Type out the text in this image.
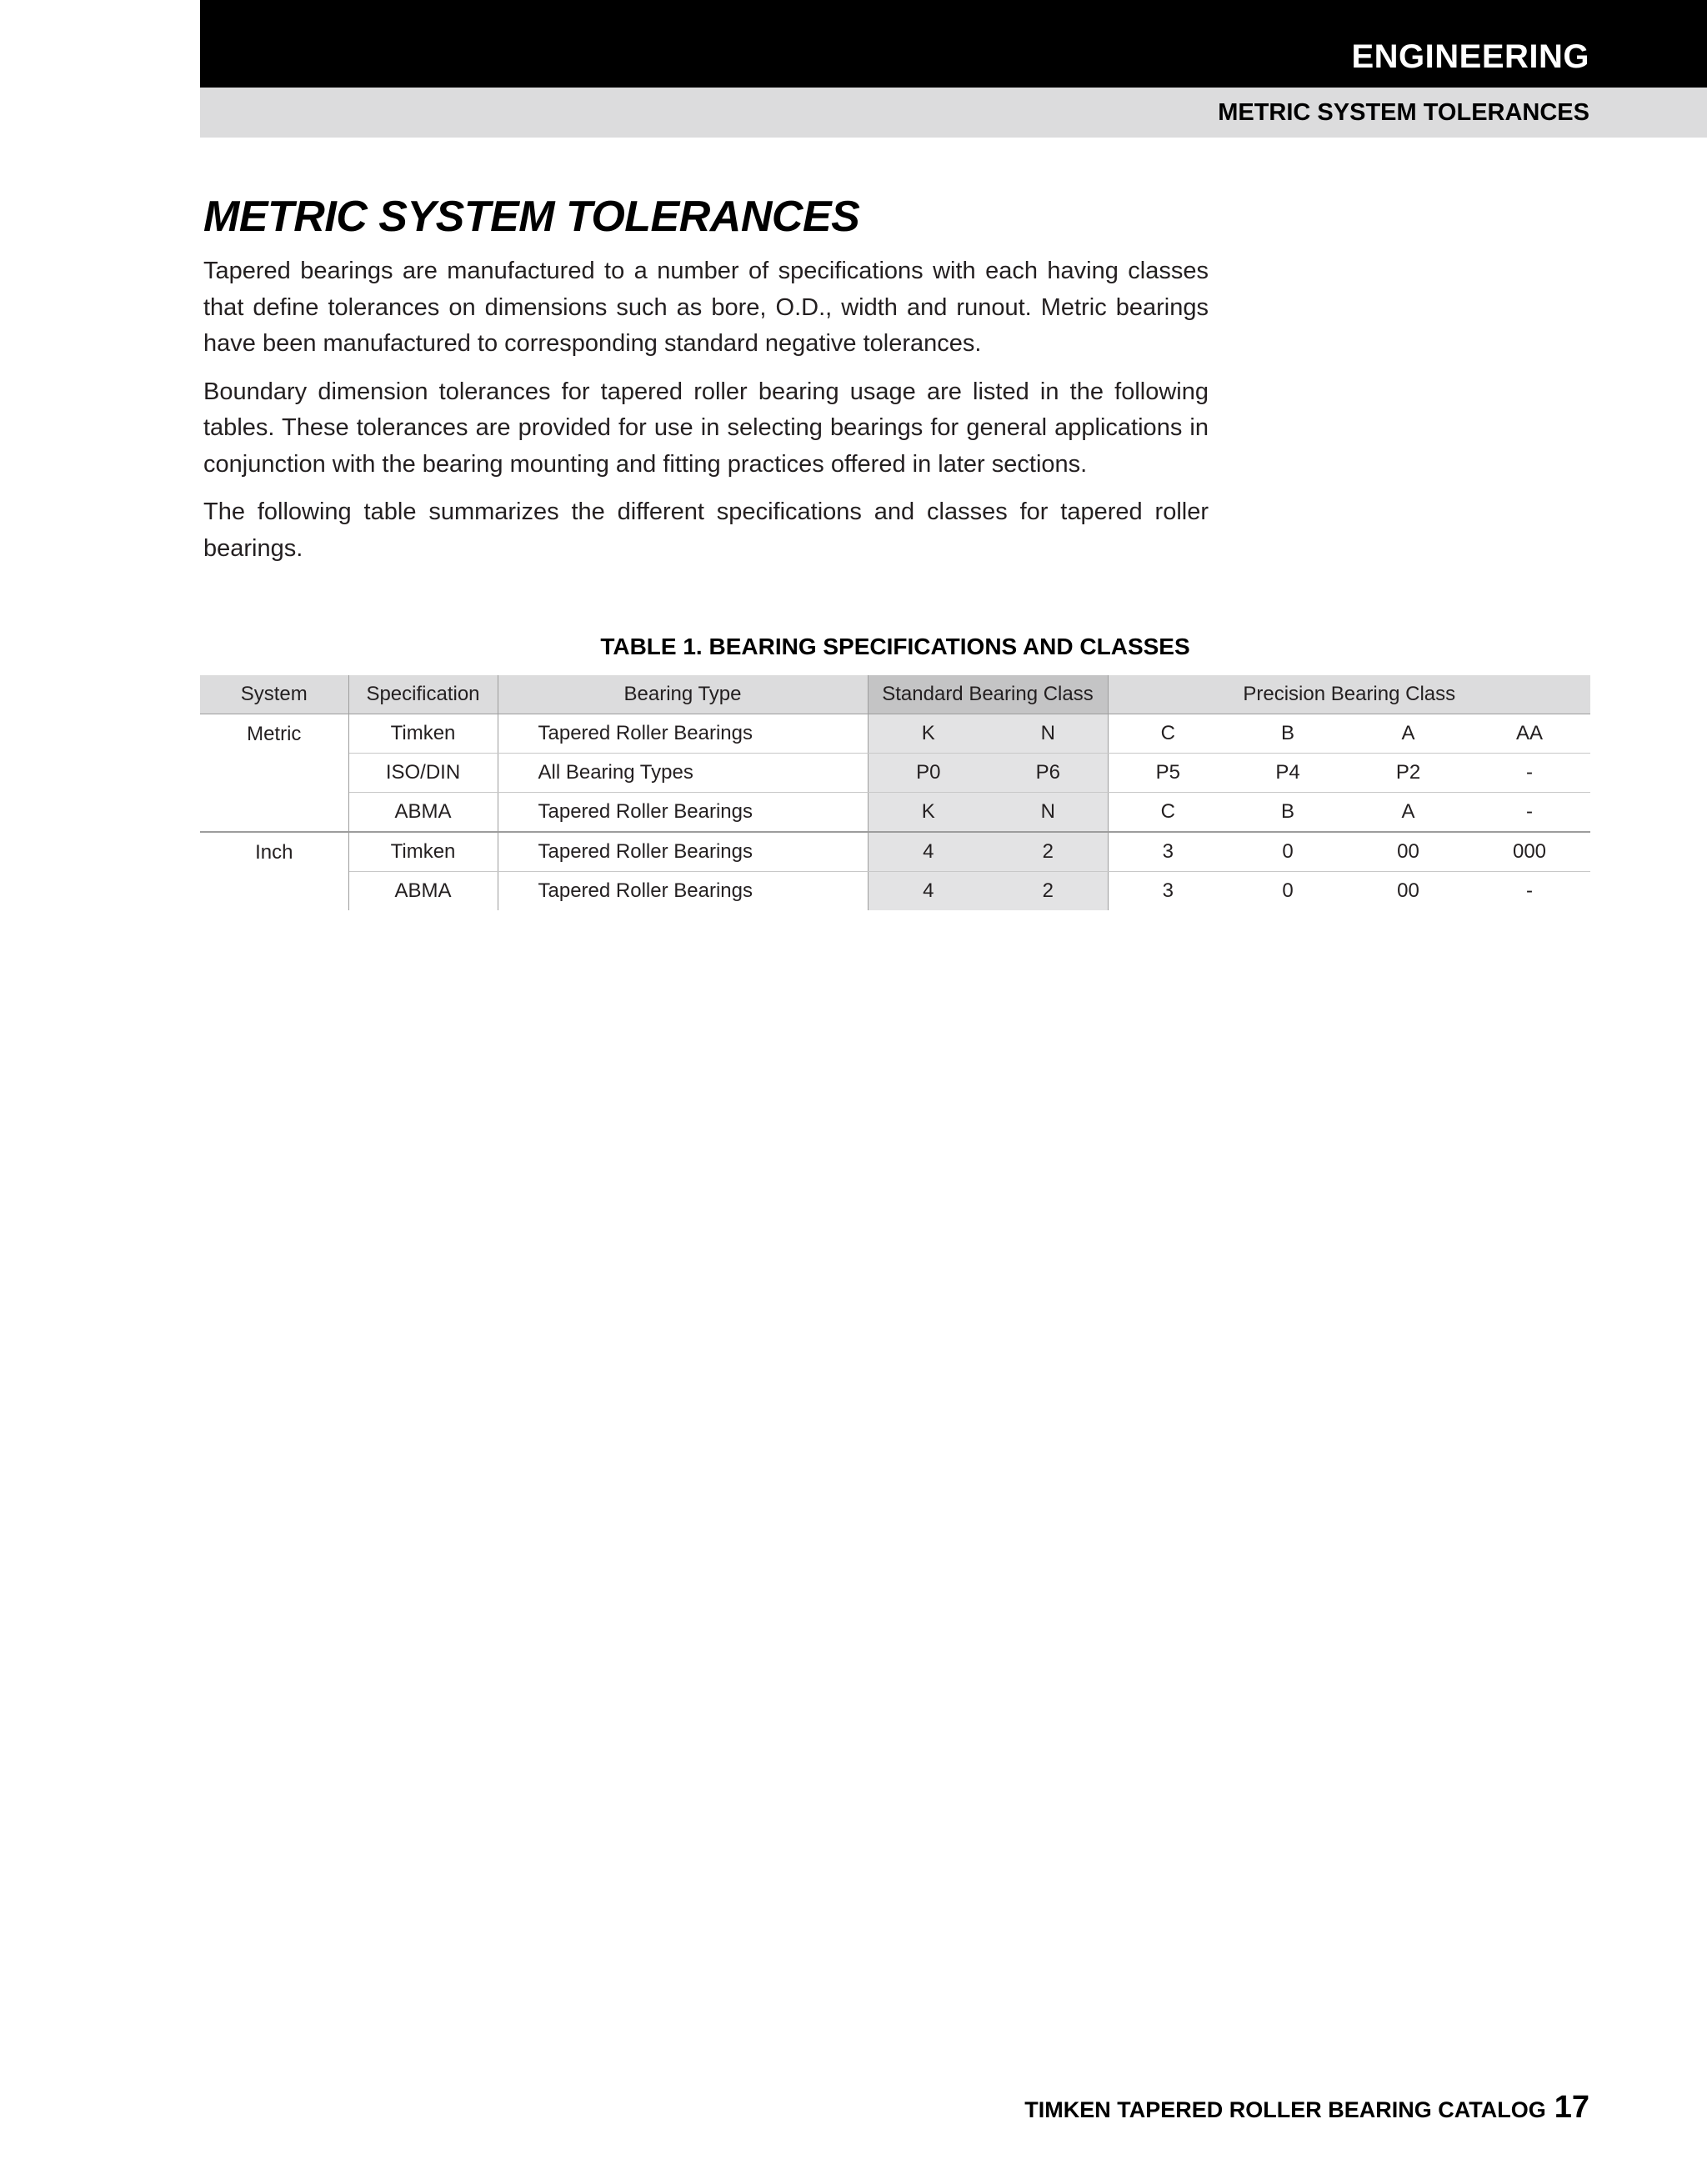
ENGINEERING
METRIC SYSTEM TOLERANCES
METRIC SYSTEM TOLERANCES

Tapered bearings are manufactured to a number of specifications with each having classes that define tolerances on dimensions such as bore, O.D., width and runout. Metric bearings have been manufactured to corresponding standard negative tolerances.

Boundary dimension tolerances for tapered roller bearing usage are listed in the following tables. These tolerances are provided for use in selecting bearings for general applications in conjunction with the bearing mounting and fitting practices offered in later sections.

The following table summarizes the different specifications and classes for tapered roller bearings.

TABLE 1. BEARING SPECIFICATIONS AND CLASSES
System	Specification	Bearing Type	Standard Bearing Class		Precision Bearing Class			
Metric	Timken	Tapered Roller Bearings	K	N	C	B	A	AA
	ISO/DIN	All Bearing Types	P0	P6	P5	P4	P2	-
	ABMA	Tapered Roller Bearings	K	N	C	B	A	-
Inch	Timken	Tapered Roller Bearings	4	2	3	0	00	000
	ABMA	Tapered Roller Bearings	4	2	3	0	00	-
TIMKEN TAPERED ROLLER BEARING CATALOG 17
